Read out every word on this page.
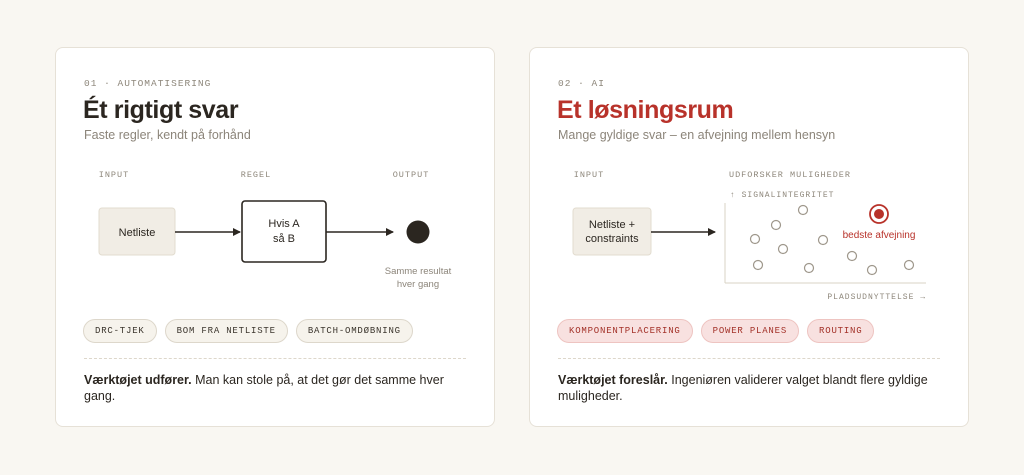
01 · AUTOMATISERING
Ét rigtigt svar
Faste regler, kendt på forhånd
INPUT	REGEL	OUTPUT
Netliste
Hvis A
så B
Samme resultat
hver gang
DRC-TJEK	BOM FRA NETLISTE	BATCH-OMDØBNING
Værktøjet udfører. Man kan stole på, at det gør det samme hver gang.
02 · AI
Et løsningsrum
Mange gyldige svar – en afvejning mellem hensyn
INPUT	UDFORSKER MULIGHEDER
Netliste +
constraints
↑ SIGNALINTEGRITET
PLADSUDNYTTELSE →
bedste afvejning
KOMPONENTPLACERING	POWER PLANES	ROUTING
Værktøjet foreslår. Ingeniøren validerer valget blandt flere gyldige muligheder.
